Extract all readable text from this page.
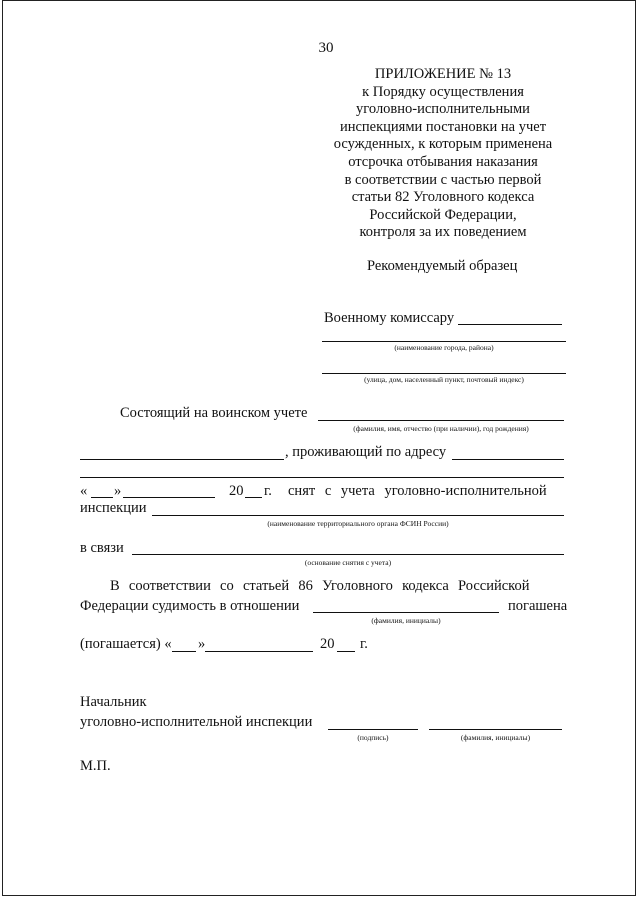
30
ПРИЛОЖЕНИЕ № 13
к Порядку осуществления
уголовно-исполнительными
инспекциями постановки на учет
осужденных, к которым применена
отсрочка отбывания наказания
в соответствии с частью первой
статьи 82 Уголовного кодекса
Российской Федерации,
контроля за их поведением
Рекомендуемый образец
Военному комиссару
(наименование города, района)
(улица, дом, населенный пункт, почтовый индекс)
Состоящий на воинском учете
(фамилия, имя, отчество (при наличии), год рождения)
, проживающий по адресу
« »	20 г. снят с учета уголовно-исполнительной
инспекции
(наименование территориального органа ФСИН России)
в связи
(основание снятия с учета)
В соответствии со статьей 86 Уголовного кодекса Российской
Федерации судимость в отношении	погашена
(фамилия, инициалы)
(погашается) « »	20 г.
Начальник
уголовно-исполнительной инспекции
(подпись)	(фамилия, инициалы)
М.П.
